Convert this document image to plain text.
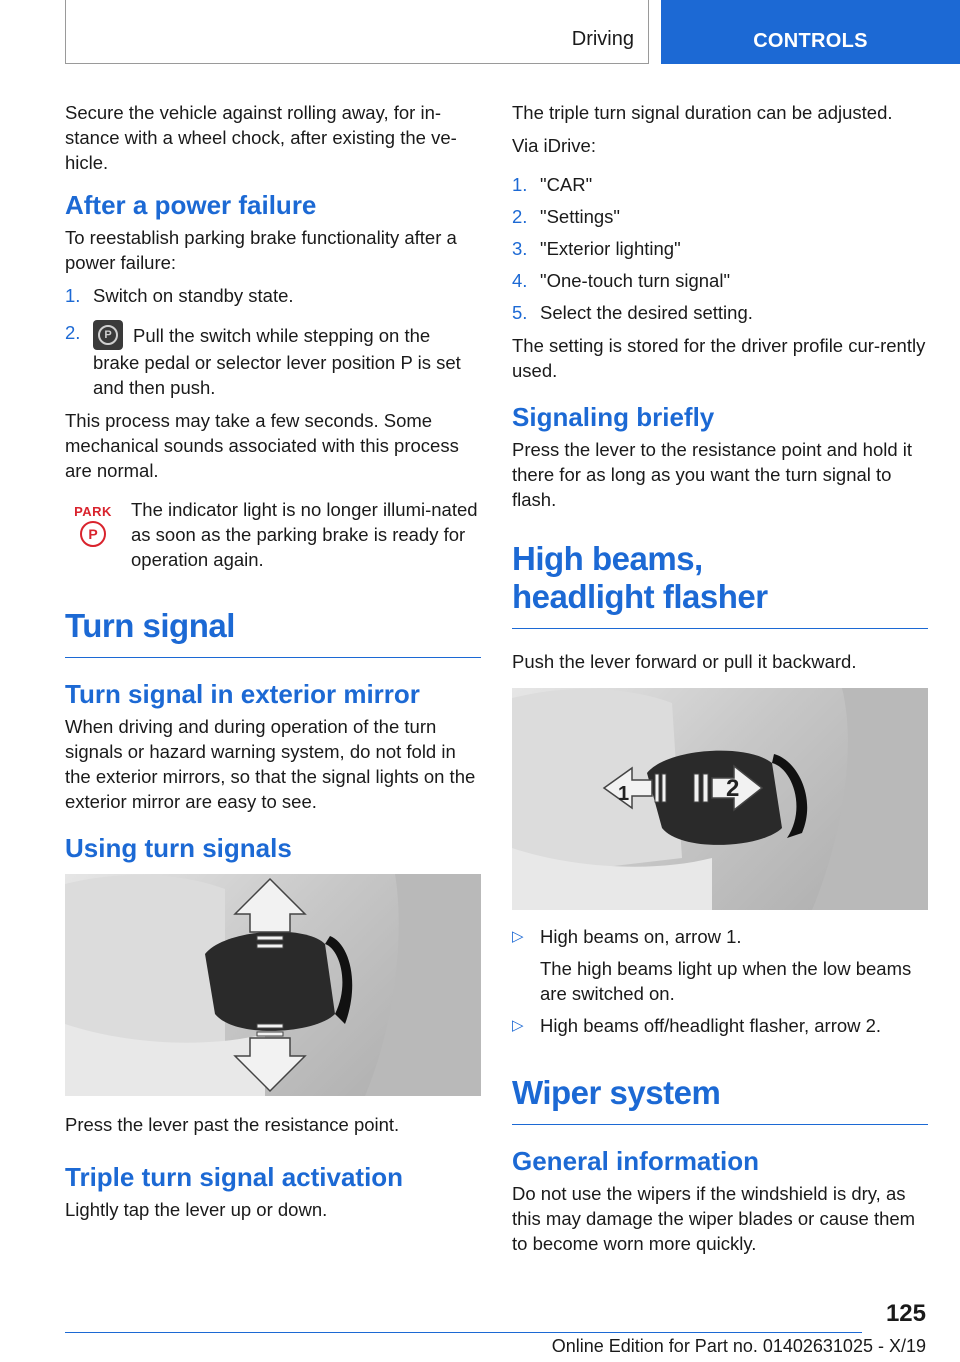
Driving	CONTROLS

Secure the vehicle against rolling away, for in-stance with a wheel chock, after existing the ve-hicle.

After a power failure

To reestablish parking brake functionality after a power failure:

1. Switch on standby state.
2.	P	Pull the switch while stepping on the brake pedal or selector lever position P is set and then push.

This process may take a few seconds. Some mechanical sounds associated with this process are normal.

PARK
P

The indicator light is no longer illumi-nated as soon as the parking brake is ready for operation again.

Turn signal
Turn signal in exterior mirror

When driving and during operation of the turn signals or hazard warning system, do not fold in the exterior mirrors, so that the signal lights on the exterior mirror are easy to see.

Using turn signals

Press the lever past the resistance point.

Triple turn signal activation

Lightly tap the lever up or down.

The triple turn signal duration can be adjusted.

Via iDrive:

1. "CAR"
2. "Settings"
3. "Exterior lighting"
4. "One-touch turn signal"
5. Select the desired setting.

The setting is stored for the driver profile cur-rently used.

Signaling briefly

Press the lever to the resistance point and hold it there for as long as you want the turn signal to flash.

High beams,
headlight flasher

Push the lever forward or pull it backward.

1	2
▷ High beams on, arrow 1.
The high beams light up when the low beams are switched on.
▷ High beams off/headlight flasher, arrow 2.
Wiper system
General information

Do not use the wipers if the windshield is dry, as this may damage the wiper blades or cause them to become worn more quickly.

125
Online Edition for Part no. 01402631025 - X/19
